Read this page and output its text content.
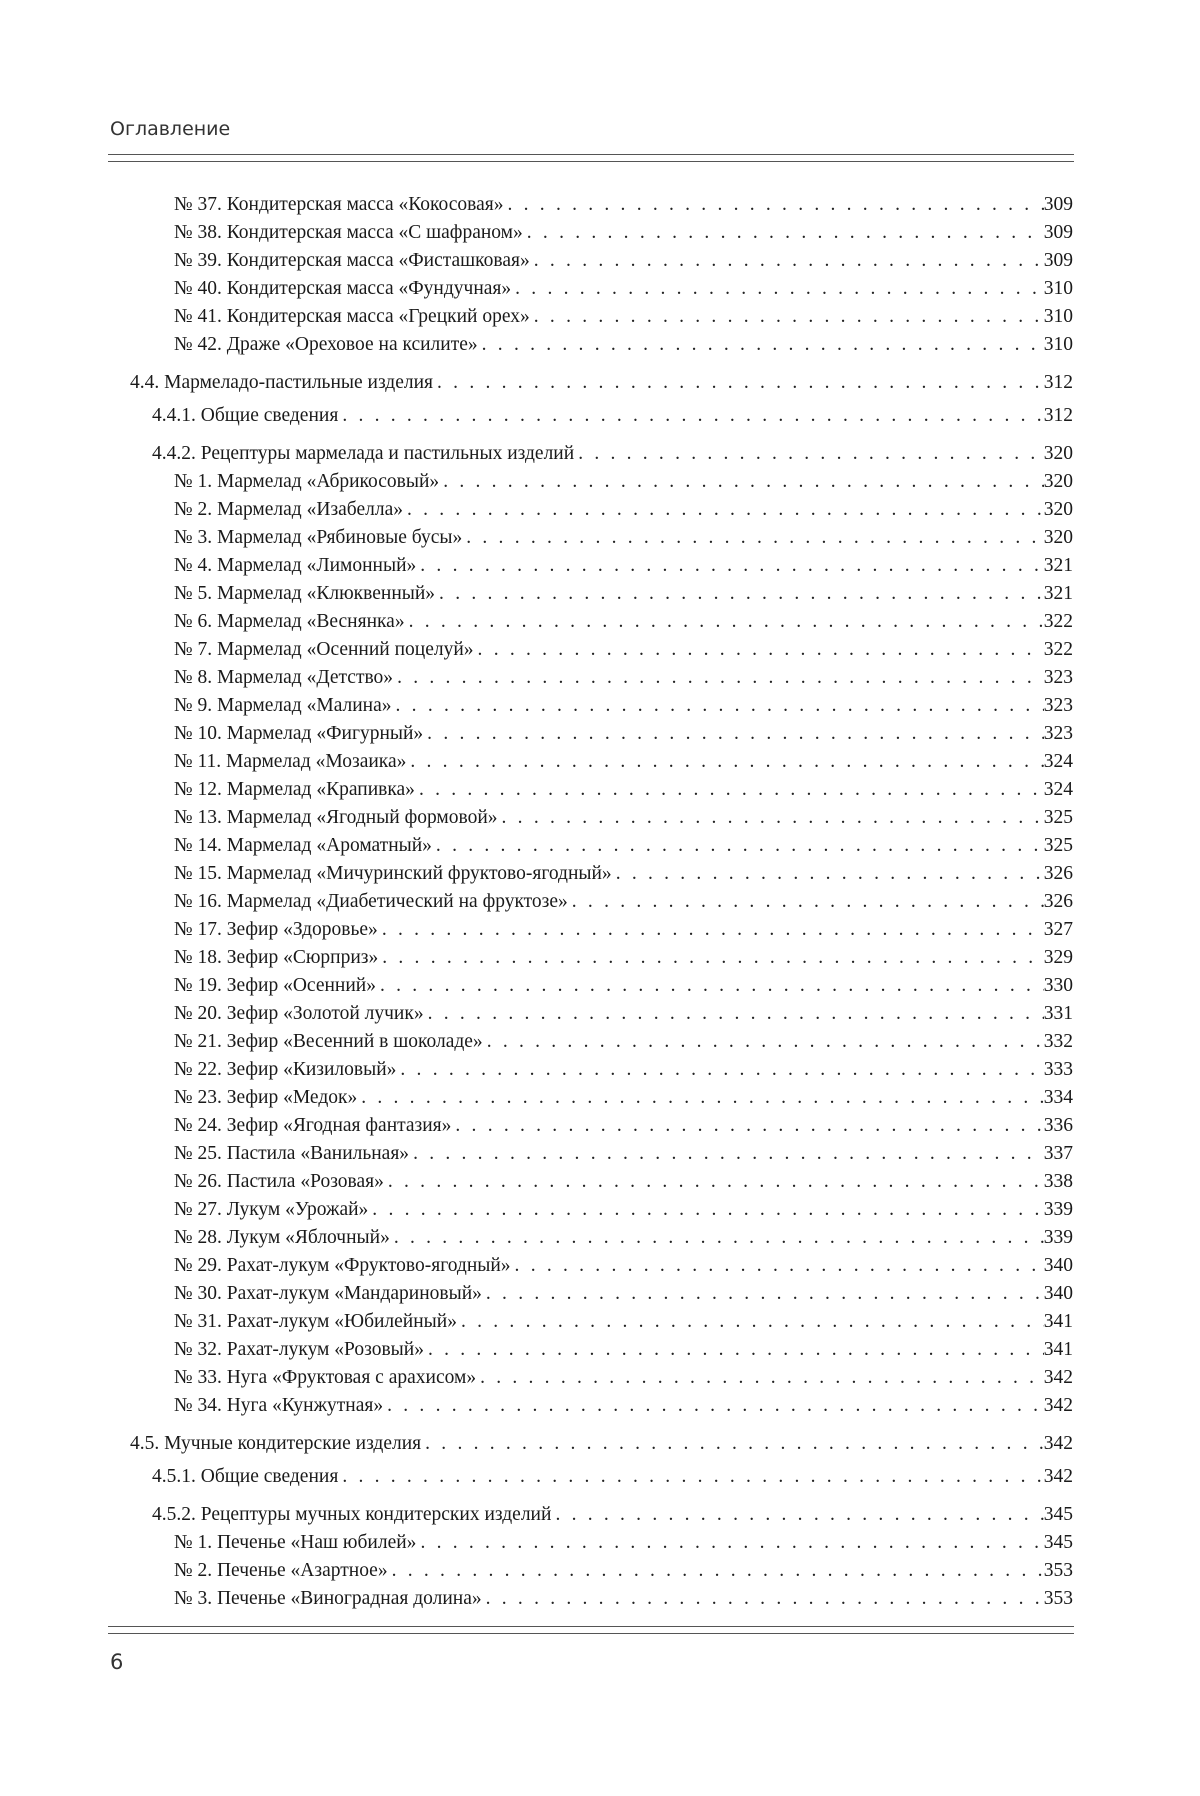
Оглавление
№ 37. Кондитерская масса «Кокосовая» . . .	309
№ 38. Кондитерская масса «С шафраном» . . .	309
№ 39. Кондитерская масса «Фисташковая» . . .	309
№ 40. Кондитерская масса «Фундучная» . . .	310
№ 41. Кондитерская масса «Грецкий орех» . . .	310
№ 42. Драже «Ореховое на ксилите» . . .	310
4.4. Мармеладо-пастильные изделия . . .	312
4.4.1. Общие сведения . . .	312
4.4.2. Рецептуры мармелада и пастильных изделий . . .	320
№ 1. Мармелад «Абрикосовый» . . .	320
№ 2. Мармелад «Изабелла» . . .	320
№ 3. Мармелад «Рябиновые бусы» . . .	320
№ 4. Мармелад «Лимонный» . . .	321
№ 5. Мармелад «Клюквенный» . . .	321
№ 6. Мармелад «Веснянка» . . .	322
№ 7. Мармелад «Осенний поцелуй» . . .	322
№ 8. Мармелад «Детство» . . .	323
№ 9. Мармелад «Малина» . . .	323
№ 10. Мармелад «Фигурный» . . .	323
№ 11. Мармелад «Мозаика» . . .	324
№ 12. Мармелад «Крапивка» . . .	324
№ 13. Мармелад «Ягодный формовой» . . .	325
№ 14. Мармелад «Ароматный» . . .	325
№ 15. Мармелад «Мичуринский фруктово-ягодный» . . .	326
№ 16. Мармелад «Диабетический на фруктозе» . . .	326
№ 17. Зефир «Здоровье» . . .	327
№ 18. Зефир «Сюрприз» . . .	329
№ 19. Зефир «Осенний» . . .	330
№ 20. Зефир «Золотой лучик» . . .	331
№ 21. Зефир «Весенний в шоколаде» . . .	332
№ 22. Зефир «Кизиловый» . . .	333
№ 23. Зефир «Медок» . . .	334
№ 24. Зефир «Ягодная фантазия» . . .	336
№ 25. Пастила «Ванильная» . . .	337
№ 26. Пастила «Розовая» . . .	338
№ 27. Лукум «Урожай» . . .	339
№ 28. Лукум «Яблочный» . . .	339
№ 29. Рахат-лукум «Фруктово-ягодный» . . .	340
№ 30. Рахат-лукум «Мандариновый» . . .	340
№ 31. Рахат-лукум «Юбилейный» . . .	341
№ 32. Рахат-лукум «Розовый» . . .	341
№ 33. Нуга «Фруктовая с арахисом» . . .	342
№ 34. Нуга «Кунжутная» . . .	342
4.5. Мучные кондитерские изделия . . .	342
4.5.1. Общие сведения . . .	342
4.5.2. Рецептуры мучных кондитерских изделий . . .	345
№ 1. Печенье «Наш юбилей» . . .	345
№ 2. Печенье «Азартное» . . .	353
№ 3. Печенье «Виноградная долина» . . .	353
6
